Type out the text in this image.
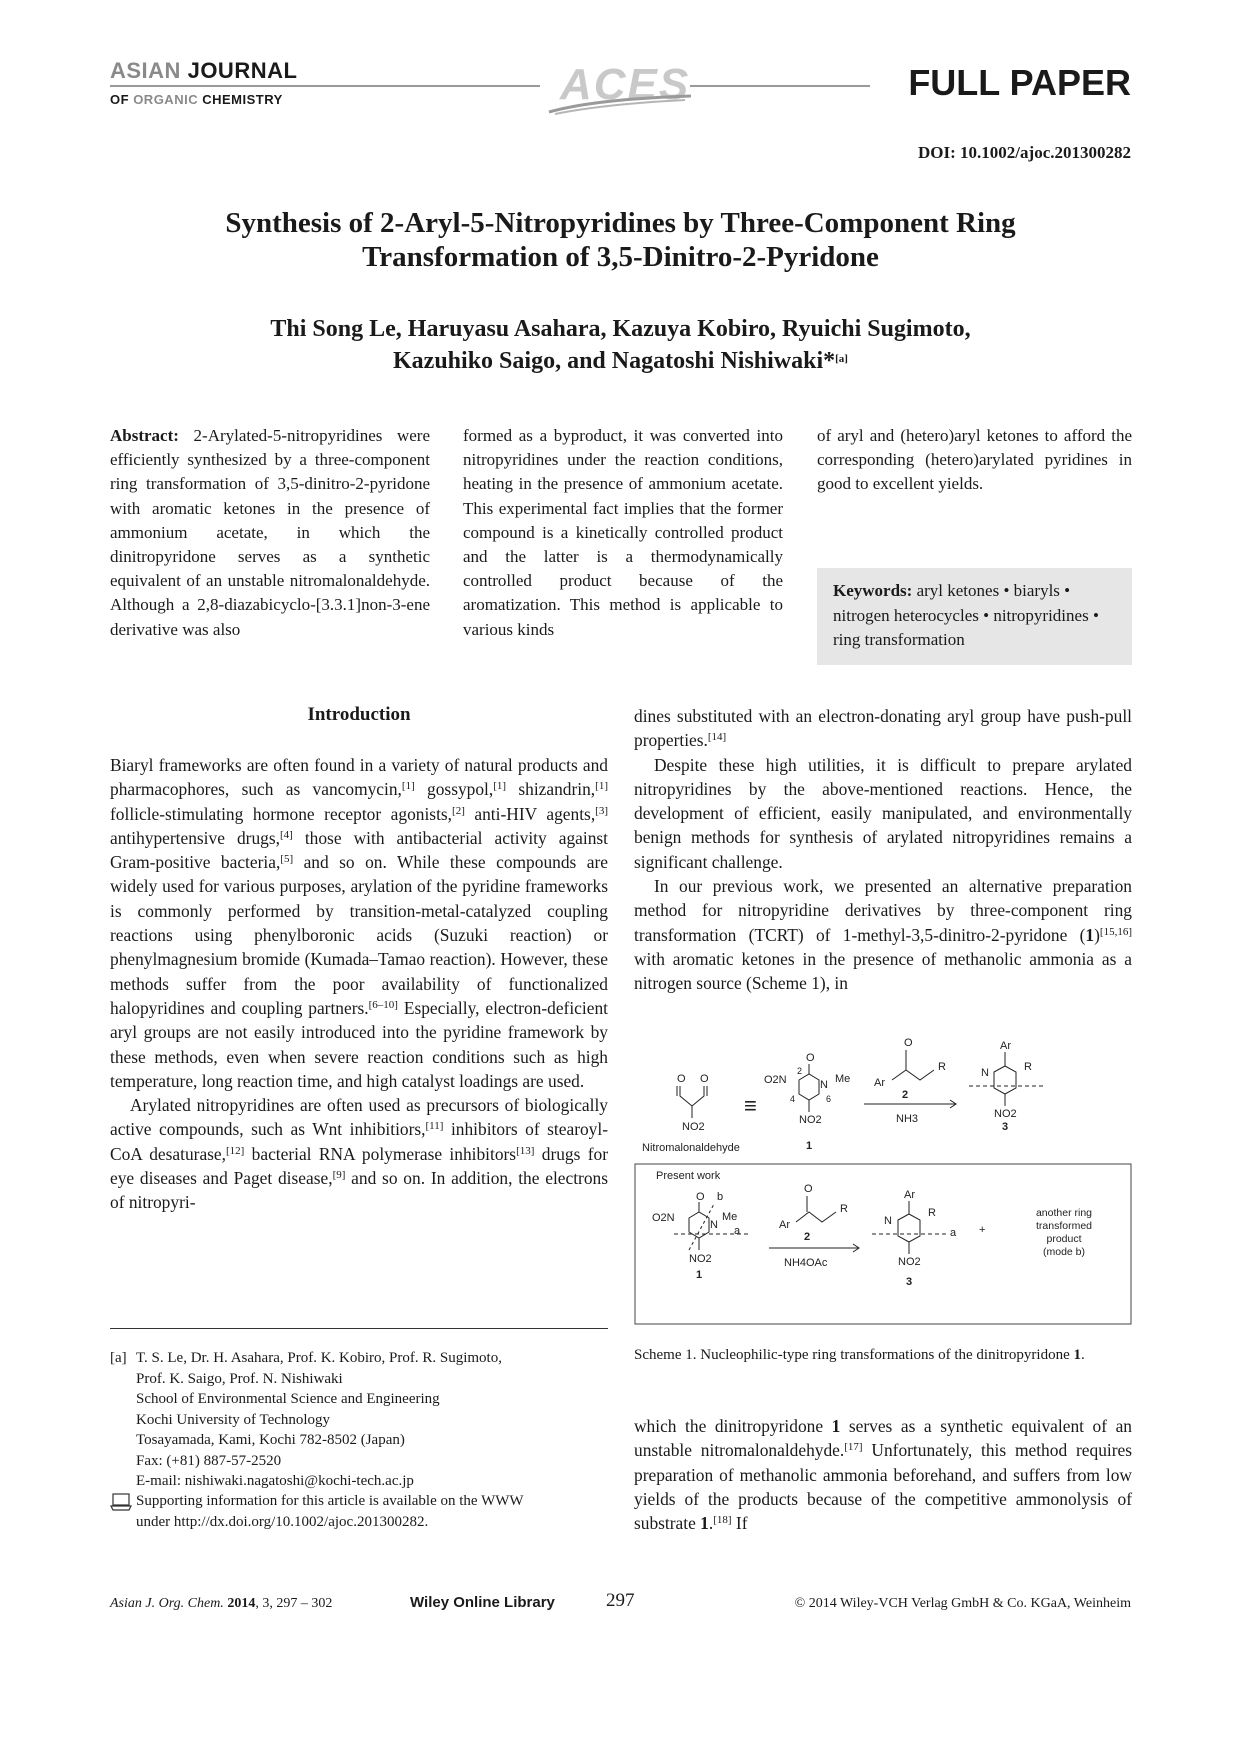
ASIAN JOURNAL
OF ORGANIC CHEMISTRY	ACES	FULL PAPER
DOI: 10.1002/ajoc.201300282
Synthesis of 2-Aryl-5-Nitropyridines by Three-Component Ring
Transformation of 3,5-Dinitro-2-Pyridone
Thi Song Le, Haruyasu Asahara, Kazuya Kobiro, Ryuichi Sugimoto,
Kazuhiko Saigo, and Nagatoshi Nishiwaki*[a]
Abstract: 2-Arylated-5-nitropyridines were efficiently synthesized by a three-component ring transformation of 3,5-dinitro-2-pyridone with aromatic ketones in the presence of ammonium acetate, in which the dinitropyridone serves as a synthetic equivalent of an unstable nitromalonaldehyde. Although a 2,8-diazabicyclo-[3.3.1]non-3-ene derivative was also
formed as a byproduct, it was converted into nitropyridines under the reaction conditions, heating in the presence of ammonium acetate. This experimental fact implies that the former compound is a kinetically controlled product and the latter is a thermodynamically controlled product because of the aromatization. This method is applicable to various kinds
of aryl and (hetero)aryl ketones to afford the corresponding (hetero)arylated pyridines in good to excellent yields.
Keywords: aryl ketones • biaryls • nitrogen heterocycles • nitropyridines • ring transformation
Introduction

Biaryl frameworks are often found in a variety of natural products and pharmacophores, such as vancomycin,[1] gossypol,[1] shizandrin,[1] follicle-stimulating hormone receptor agonists,[2] anti-HIV agents,[3] antihypertensive drugs,[4] those with antibacterial activity against Gram-positive bacteria,[5] and so on. While these compounds are widely used for various purposes, arylation of the pyridine frameworks is commonly performed by transition-metal-catalyzed coupling reactions using phenylboronic acids (Suzuki reaction) or phenylmagnesium bromide (Kumada–Tamao reaction). However, these methods suffer from the poor availability of functionalized halopyridines and coupling partners.[6–10] Especially, electron-deficient aryl groups are not easily introduced into the pyridine framework by these methods, even when severe reaction conditions such as high temperature, long reaction time, and high catalyst loadings are used.

Arylated nitropyridines are often used as precursors of biologically active compounds, such as Wnt inhibitiors,[11] inhibitors of stearoyl-CoA desaturase,[12] bacterial RNA polymerase inhibitors[13] drugs for eye diseases and Paget disease,[9] and so on. In addition, the electrons of nitropyri-

dines substituted with an electron-donating aryl group have push-pull properties.[14]

Despite these high utilities, it is difficult to prepare arylated nitropyridines by the above-mentioned reactions. Hence, the development of efficient, easily manipulated, and environmentally benign methods for synthesis of arylated nitropyridines remains a significant challenge.

In our previous work, we presented an alternative preparation method for nitropyridine derivatives by three-component ring transformation (TCRT) of 1-methyl-3,5-dinitro-2-pyridone (1)[15,16] with aromatic ketones in the presence of methanolic ammonia as a nitrogen source (Scheme 1), in

O O
NO2
Nitromalonaldehyde
≡
O
O2N
2
N Me
4	6
NO2
1
O
Ar
R
2
NH3
Ar
N	R
NO2
3
Present work
O b
O2N
N
Me
a
NO2
1
O
Ar
R
2
NH4OAc
Ar
N
R
a
NO2
3
+
another ring
transformed
product
(mode b)
Scheme 1. Nucleophilic-type ring transformations of the dinitropyridone 1.

which the dinitropyridone 1 serves as a synthetic equivalent of an unstable nitromalonaldehyde.[17] Unfortunately, this method requires preparation of methanolic ammonia beforehand, and suffers from low yields of the products because of the competitive ammonolysis of substrate 1.[18] If

[a] T. S. Le, Dr. H. Asahara, Prof. K. Kobiro, Prof. R. Sugimoto,
Prof. K. Saigo, Prof. N. Nishiwaki
School of Environmental Science and Engineering
Kochi University of Technology
Tosayamada, Kami, Kochi 782-8502 (Japan)
Fax: (+81) 887-57-2520
E-mail: nishiwaki.nagatoshi@kochi-tech.ac.jp
Supporting information for this article is available on the WWW
under http://dx.doi.org/10.1002/ajoc.201300282.
Asian J. Org. Chem. 2014, 3, 297 – 302	Wiley Online Library	297	© 2014 Wiley-VCH Verlag GmbH & Co. KGaA, Weinheim
